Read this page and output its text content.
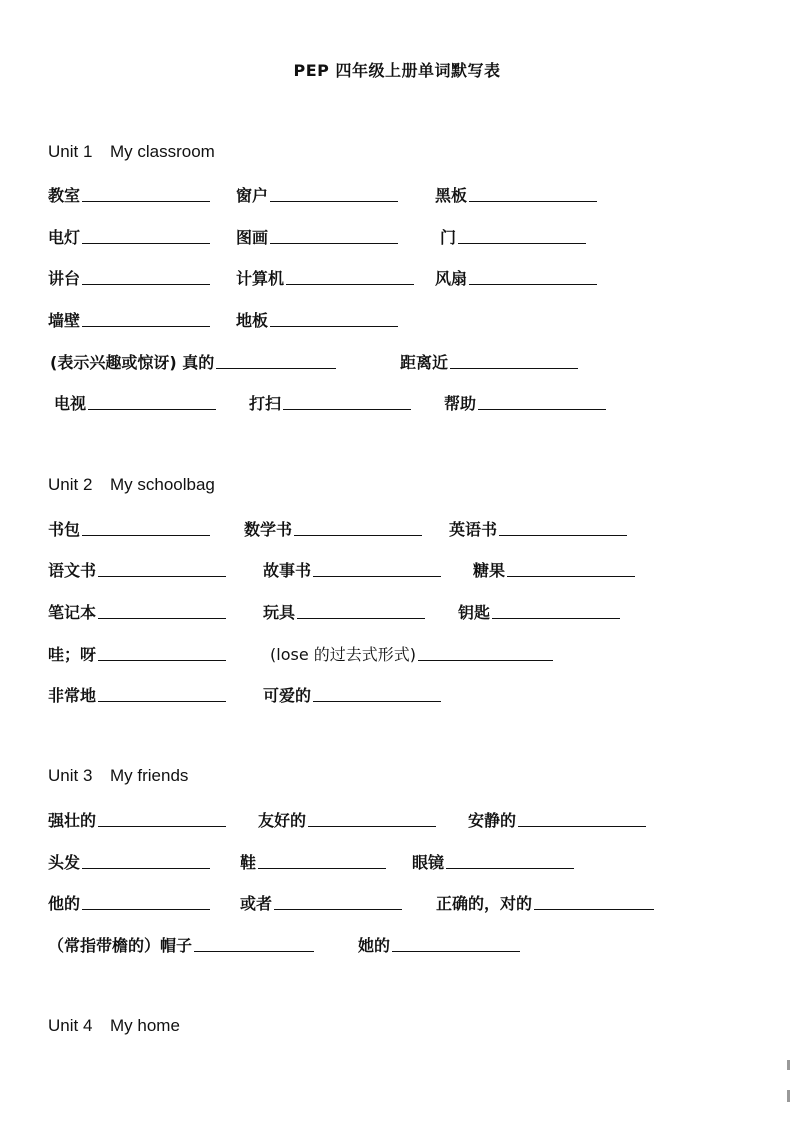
PEP 四年级上册单词默写表
Unit 1 My classroom
教室	窗户	黑板
电灯	图画	门
讲台	计算机	风扇
墙壁	地板
(表示兴趣或惊讶) 真的	距离近
电视	打扫	帮助
Unit 2 My schoolbag
书包	数学书	英语书
语文书	故事书	糖果
笔记本	玩具	钥匙
哇；呀	(lose 的过去式形式)
非常地	可爱的
Unit 3 My friends
强壮的	友好的	安静的
头发	鞋	眼镜
他的	或者	正确的，对的
（常指带檐的）帽子	她的
Unit 4 My home
